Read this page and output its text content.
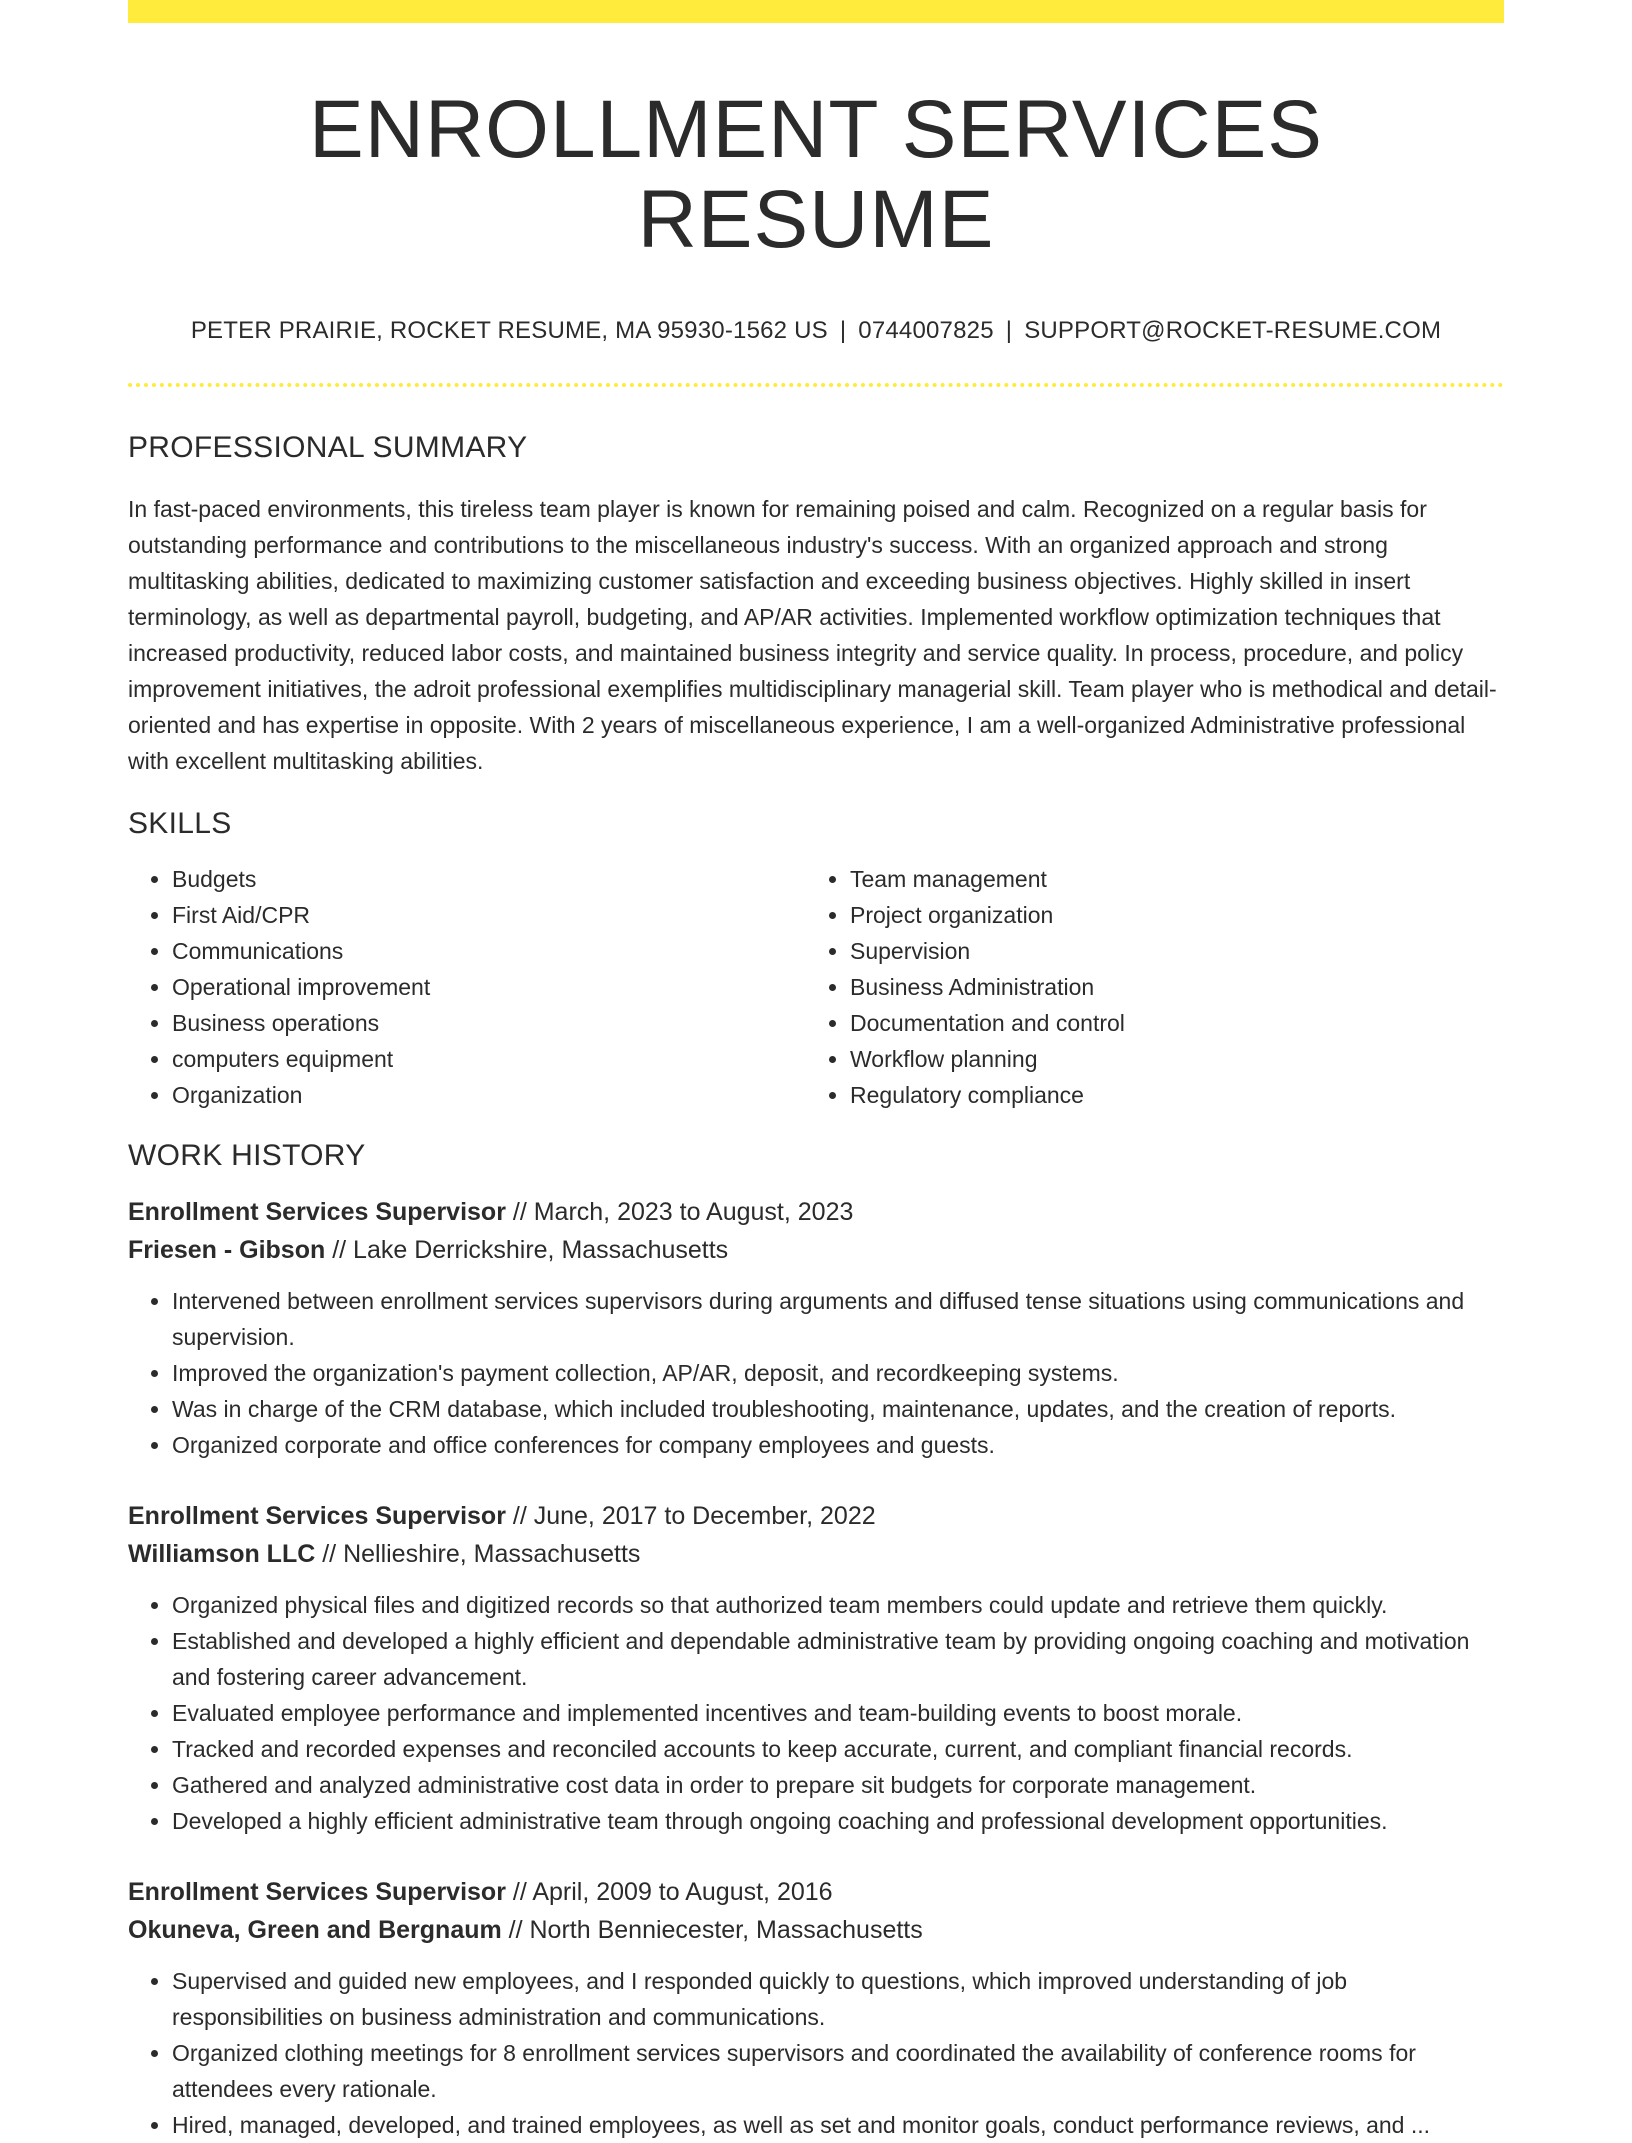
ENROLLMENT SERVICES RESUME
PETER PRAIRIE, ROCKET RESUME, MA 95930-1562 US | 0744007825 | SUPPORT@ROCKET-RESUME.COM
PROFESSIONAL SUMMARY
In fast-paced environments, this tireless team player is known for remaining poised and calm. Recognized on a regular basis for outstanding performance and contributions to the miscellaneous industry's success. With an organized approach and strong multitasking abilities, dedicated to maximizing customer satisfaction and exceeding business objectives. Highly skilled in insert terminology, as well as departmental payroll, budgeting, and AP/AR activities. Implemented workflow optimization techniques that increased productivity, reduced labor costs, and maintained business integrity and service quality. In process, procedure, and policy improvement initiatives, the adroit professional exemplifies multidisciplinary managerial skill. Team player who is methodical and detail-oriented and has expertise in opposite. With 2 years of miscellaneous experience, I am a well-organized Administrative professional with excellent multitasking abilities.
SKILLS
• Budgets
• First Aid/CPR
• Communications
• Operational improvement
• Business operations
• computers equipment
• Organization
• Team management
• Project organization
• Supervision
• Business Administration
• Documentation and control
• Workflow planning
• Regulatory compliance
WORK HISTORY
Enrollment Services Supervisor // March, 2023 to August, 2023
Friesen - Gibson // Lake Derrickshire, Massachusetts
• Intervened between enrollment services supervisors during arguments and diffused tense situations using communications and supervision.
• Improved the organization's payment collection, AP/AR, deposit, and recordkeeping systems.
• Was in charge of the CRM database, which included troubleshooting, maintenance, updates, and the creation of reports.
• Organized corporate and office conferences for company employees and guests.
Enrollment Services Supervisor // June, 2017 to December, 2022
Williamson LLC // Nellieshire, Massachusetts
• Organized physical files and digitized records so that authorized team members could update and retrieve them quickly.
• Established and developed a highly efficient and dependable administrative team by providing ongoing coaching and motivation and fostering career advancement.
• Evaluated employee performance and implemented incentives and team-building events to boost morale.
• Tracked and recorded expenses and reconciled accounts to keep accurate, current, and compliant financial records.
• Gathered and analyzed administrative cost data in order to prepare sit budgets for corporate management.
• Developed a highly efficient administrative team through ongoing coaching and professional development opportunities.
Enrollment Services Supervisor // April, 2009 to August, 2016
Okuneva, Green and Bergnaum // North Benniecester, Massachusetts
• Supervised and guided new employees, and I responded quickly to questions, which improved understanding of job responsibilities on business administration and communications.
• Organized clothing meetings for 8 enrollment services supervisors and coordinated the availability of conference rooms for attendees every rationale.
• Hired, managed, developed, and trained employees, as well as set and monitor goals, conduct performance reviews, and ...
